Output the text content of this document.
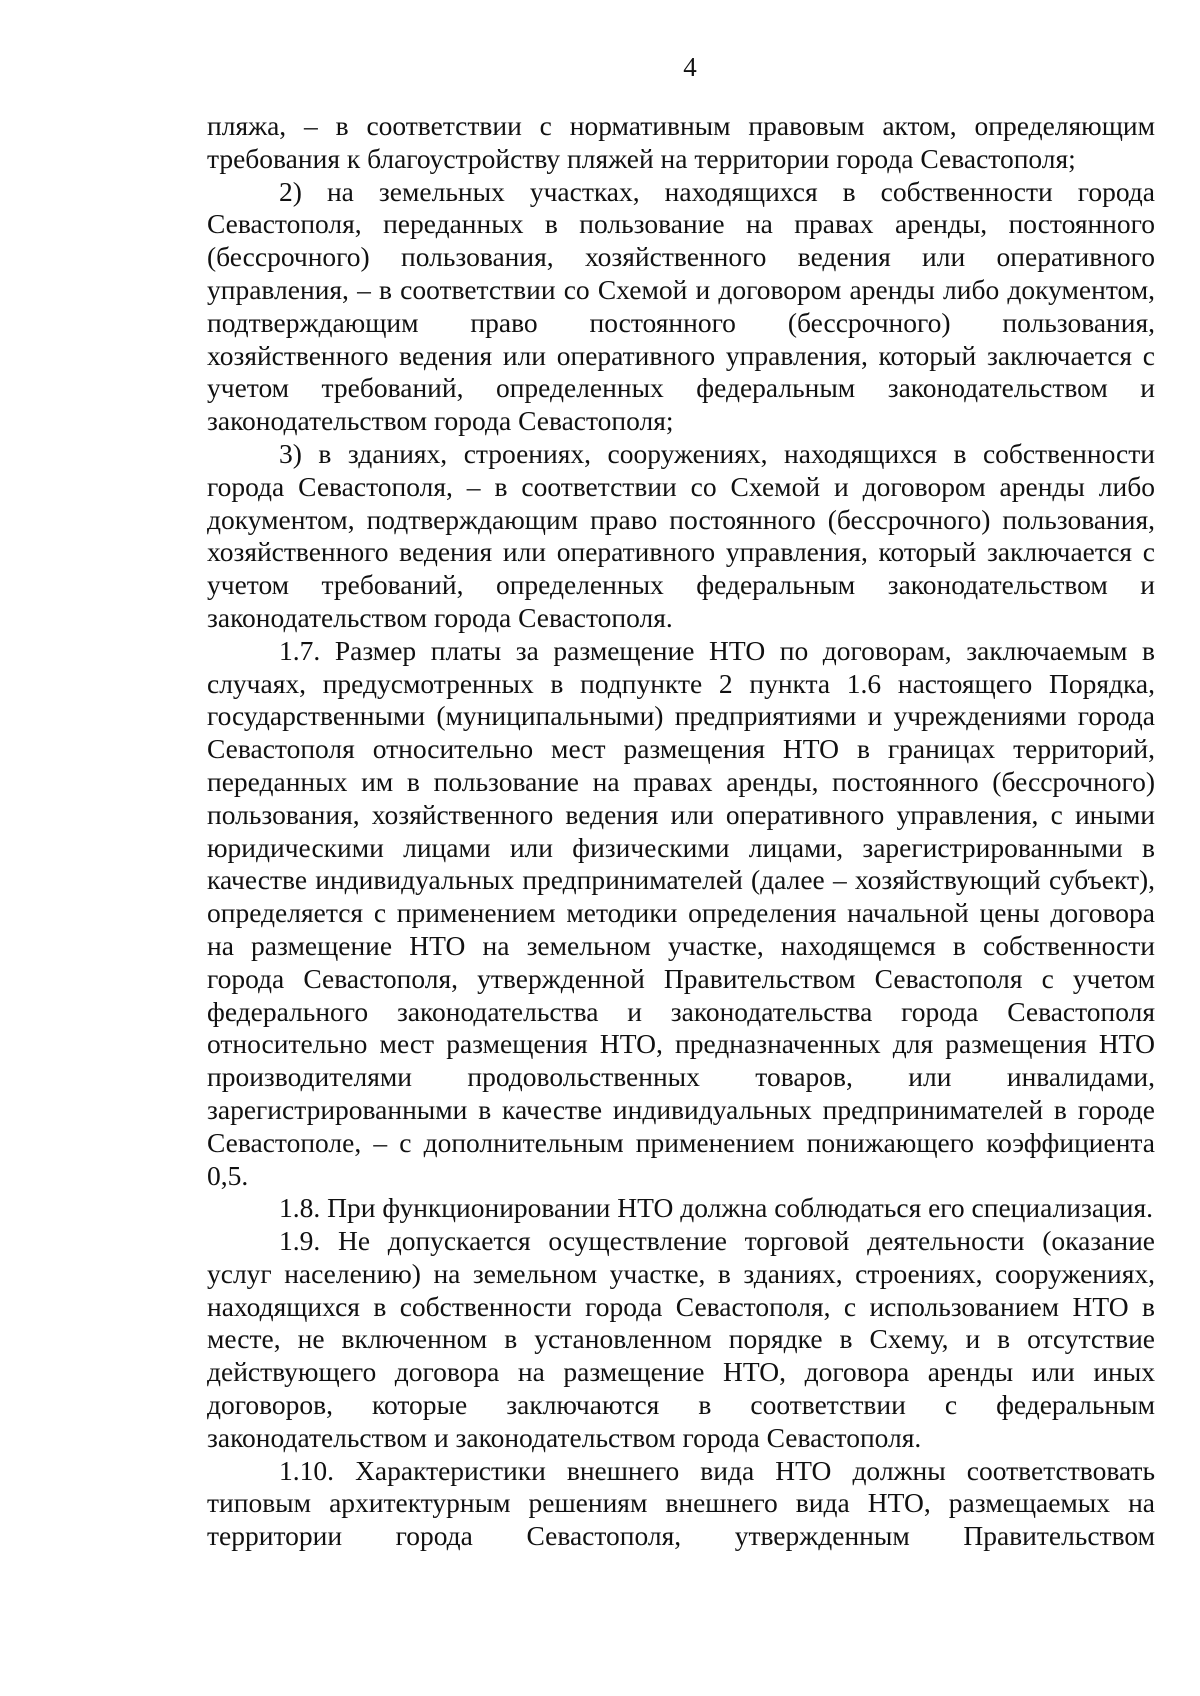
4

пляжа, – в соответствии с нормативным правовым актом, определяющим требования к благоустройству пляжей на территории города Севастополя;

2) на земельных участках, находящихся в собственности города Севастополя, переданных в пользование на правах аренды, постоянного (бессрочного) пользования, хозяйственного ведения или оперативного управления, – в соответствии со Схемой и договором аренды либо документом, подтверждающим право постоянного (бессрочного) пользования, хозяйственного ведения или оперативного управления, который заключается с учетом требований, определенных федеральным законодательством и законодательством города Севастополя;

3) в зданиях, строениях, сооружениях, находящихся в собственности города Севастополя, – в соответствии со Схемой и договором аренды либо документом, подтверждающим право постоянного (бессрочного) пользования, хозяйственного ведения или оперативного управления, который заключается с учетом требований, определенных федеральным законодательством и законодательством города Севастополя.

1.7. Размер платы за размещение НТО по договорам, заключаемым в случаях, предусмотренных в подпункте 2 пункта 1.6 настоящего Порядка, государственными (муниципальными) предприятиями и учреждениями города Севастополя относительно мест размещения НТО в границах территорий, переданных им в пользование на правах аренды, постоянного (бессрочного) пользования, хозяйственного ведения или оперативного управления, с иными юридическими лицами или физическими лицами, зарегистрированными в качестве индивидуальных предпринимателей (далее – хозяйствующий субъект), определяется с применением методики определения начальной цены договора на размещение НТО на земельном участке, находящемся в собственности города Севастополя, утвержденной Правительством Севастополя с учетом федерального законодательства и законодательства города Севастополя относительно мест размещения НТО, предназначенных для размещения НТО производителями продовольственных товаров, или инвалидами, зарегистрированными в качестве индивидуальных предпринимателей в городе Севастополе, – с дополнительным применением понижающего коэффициента 0,5.

1.8. При функционировании НТО должна соблюдаться его специализация.

1.9. Не допускается осуществление торговой деятельности (оказание услуг населению) на земельном участке, в зданиях, строениях, сооружениях, находящихся в собственности города Севастополя, с использованием НТО в месте, не включенном в установленном порядке в Схему, и в отсутствие действующего договора на размещение НТО, договора аренды или иных договоров, которые заключаются в соответствии с федеральным законодательством и законодательством города Севастополя.

1.10. Характеристики внешнего вида НТО должны соответствовать типовым архитектурным решениям внешнего вида НТО, размещаемых на территории города Севастополя, утвержденным Правительством
